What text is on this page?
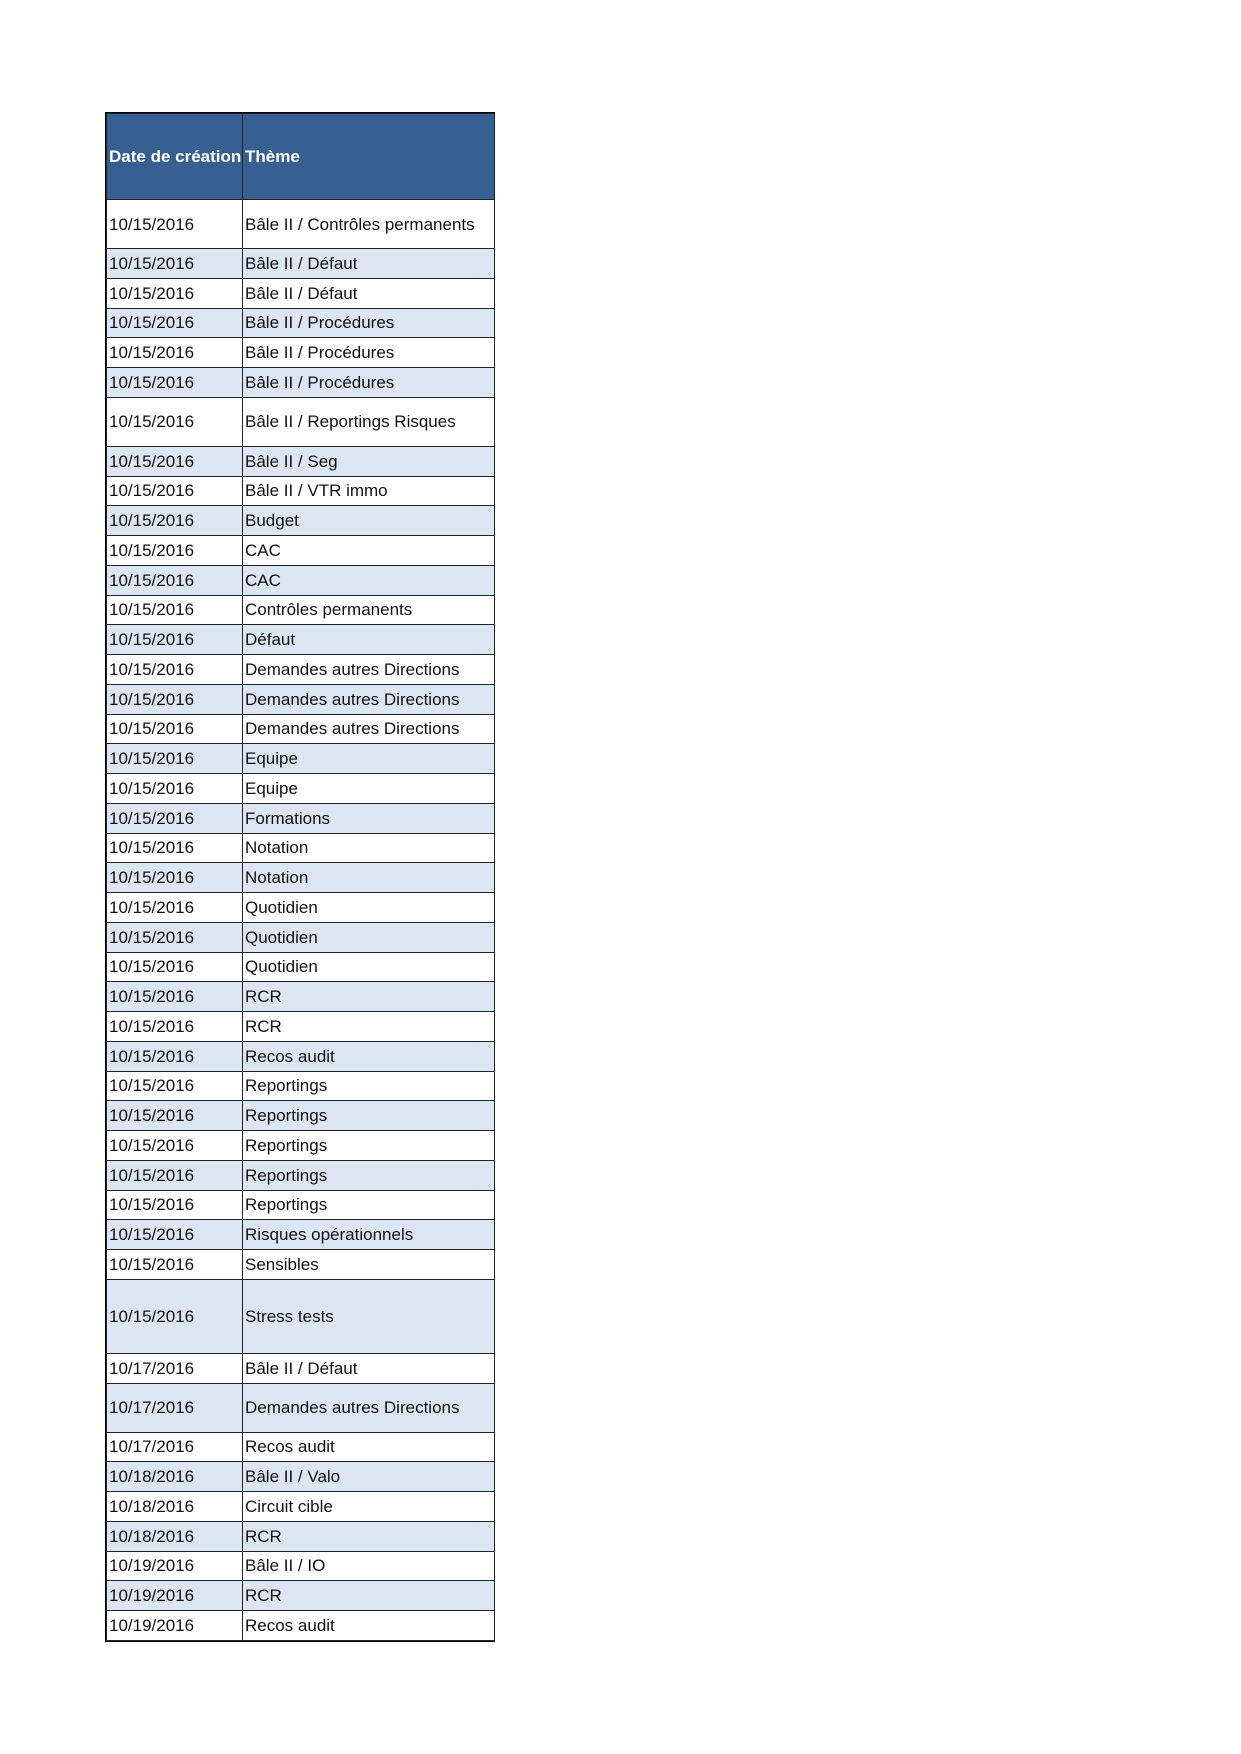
Date de création	Thème
10/15/2016	Bâle II / Contrôles permanents
10/15/2016	Bâle II / Défaut
10/15/2016	Bâle II / Défaut
10/15/2016	Bâle II / Procédures
10/15/2016	Bâle II / Procédures
10/15/2016	Bâle II / Procédures
10/15/2016	Bâle II / Reportings Risques
10/15/2016	Bâle II / Seg
10/15/2016	Bâle II / VTR immo
10/15/2016	Budget
10/15/2016	CAC
10/15/2016	CAC
10/15/2016	Contrôles permanents
10/15/2016	Défaut
10/15/2016	Demandes autres Directions
10/15/2016	Demandes autres Directions
10/15/2016	Demandes autres Directions
10/15/2016	Equipe
10/15/2016	Equipe
10/15/2016	Formations
10/15/2016	Notation
10/15/2016	Notation
10/15/2016	Quotidien
10/15/2016	Quotidien
10/15/2016	Quotidien
10/15/2016	RCR
10/15/2016	RCR
10/15/2016	Recos audit
10/15/2016	Reportings
10/15/2016	Reportings
10/15/2016	Reportings
10/15/2016	Reportings
10/15/2016	Reportings
10/15/2016	Risques opérationnels
10/15/2016	Sensibles
10/15/2016	Stress tests
10/17/2016	Bâle II / Défaut
10/17/2016	Demandes autres Directions
10/17/2016	Recos audit
10/18/2016	Bâle II / Valo
10/18/2016	Circuit cible
10/18/2016	RCR
10/19/2016	Bâle II / IO
10/19/2016	RCR
10/19/2016	Recos audit
